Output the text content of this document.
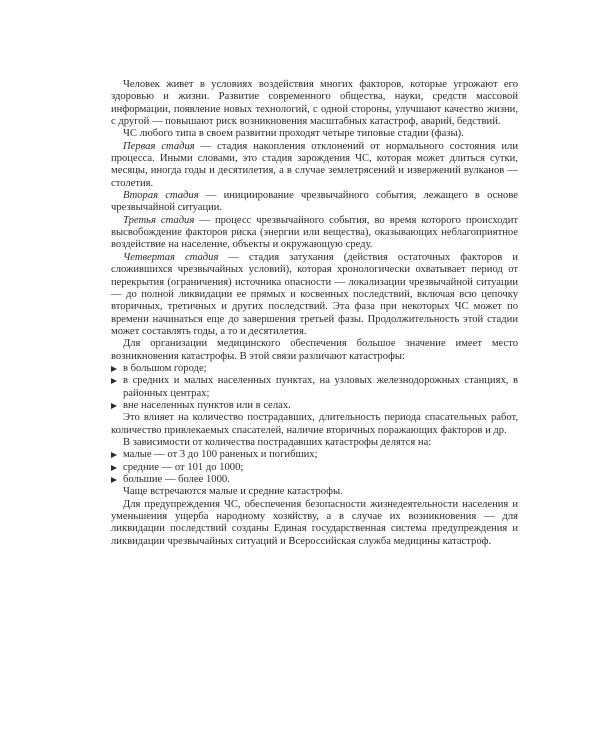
Человек живет в условиях воздействия многих факторов, которые угрожают его здоровью и жизни. Развитие современного общества, науки, средств массовой информации, появление новых технологий, с одной стороны, улучшают качество жизни, с другой — повышают риск возникновения масштабных катастроф, аварий, бедствий.

ЧС любого типа в своем развитии проходят четыре типовые стадии (фазы).

Первая стадия — стадия накопления отклонений от нормального состояния или процесса. Иными словами, это стадия зарождения ЧС, которая может длиться сутки, месяцы, иногда годы и десятилетия, а в случае землетрясений и извержений вулканов — столетия.

Вторая стадия — инициирование чрезвычайного события, лежащего в основе чрезвычайной ситуации.

Третья стадия — процесс чрезвычайного события, во время которого происходит высвобождение факторов риска (энергии или вещества), оказывающих неблагоприятное воздействие на население, объекты и окружающую среду.

Четвертая стадия — стадия затухания (действия остаточных факторов и сложившихся чрезвычайных условий), которая хронологически охватывает период от перекрытия (ограничения) источника опасности — локализации чрезвычайной ситуации — до полной ликвидации ее прямых и косвенных последствий, включая всю цепочку вторичных, третичных и других последствий. Эта фаза при некоторых ЧС может по времени начинаться еще до завершения третьей фазы. Продолжительность этой стадии может составлять годы, а то и десятилетия.

Для организации медицинского обеспечения большое значение имеет место возникновения катастрофы. В этой связи различают катастрофы:

в большом городе;
в средних и малых населенных пунктах, на узловых железнодорожных станциях, в районных центрах;
вне населенных пунктов или в селах.

Это влияет на количество пострадавших, длительность периода спасательных работ, количество привлекаемых спасателей, наличие вторичных поражающих факторов и др.

В зависимости от количества пострадавших катастрофы делятся на:

малые — от 3 до 100 раненых и погибших;
средние — от 101 до 1000;
большие — более 1000.

Чаще встречаются малые и средние катастрофы.

Для предупреждения ЧС, обеспечения безопасности жизнедеятельности населения и уменьшения ущерба народному хозяйству, а в случае их возникновения — для ликвидации последствий созданы Единая государственная система предупреждения и ликвидации чрезвычайных ситуаций и Всероссийская служба медицины катастроф.
